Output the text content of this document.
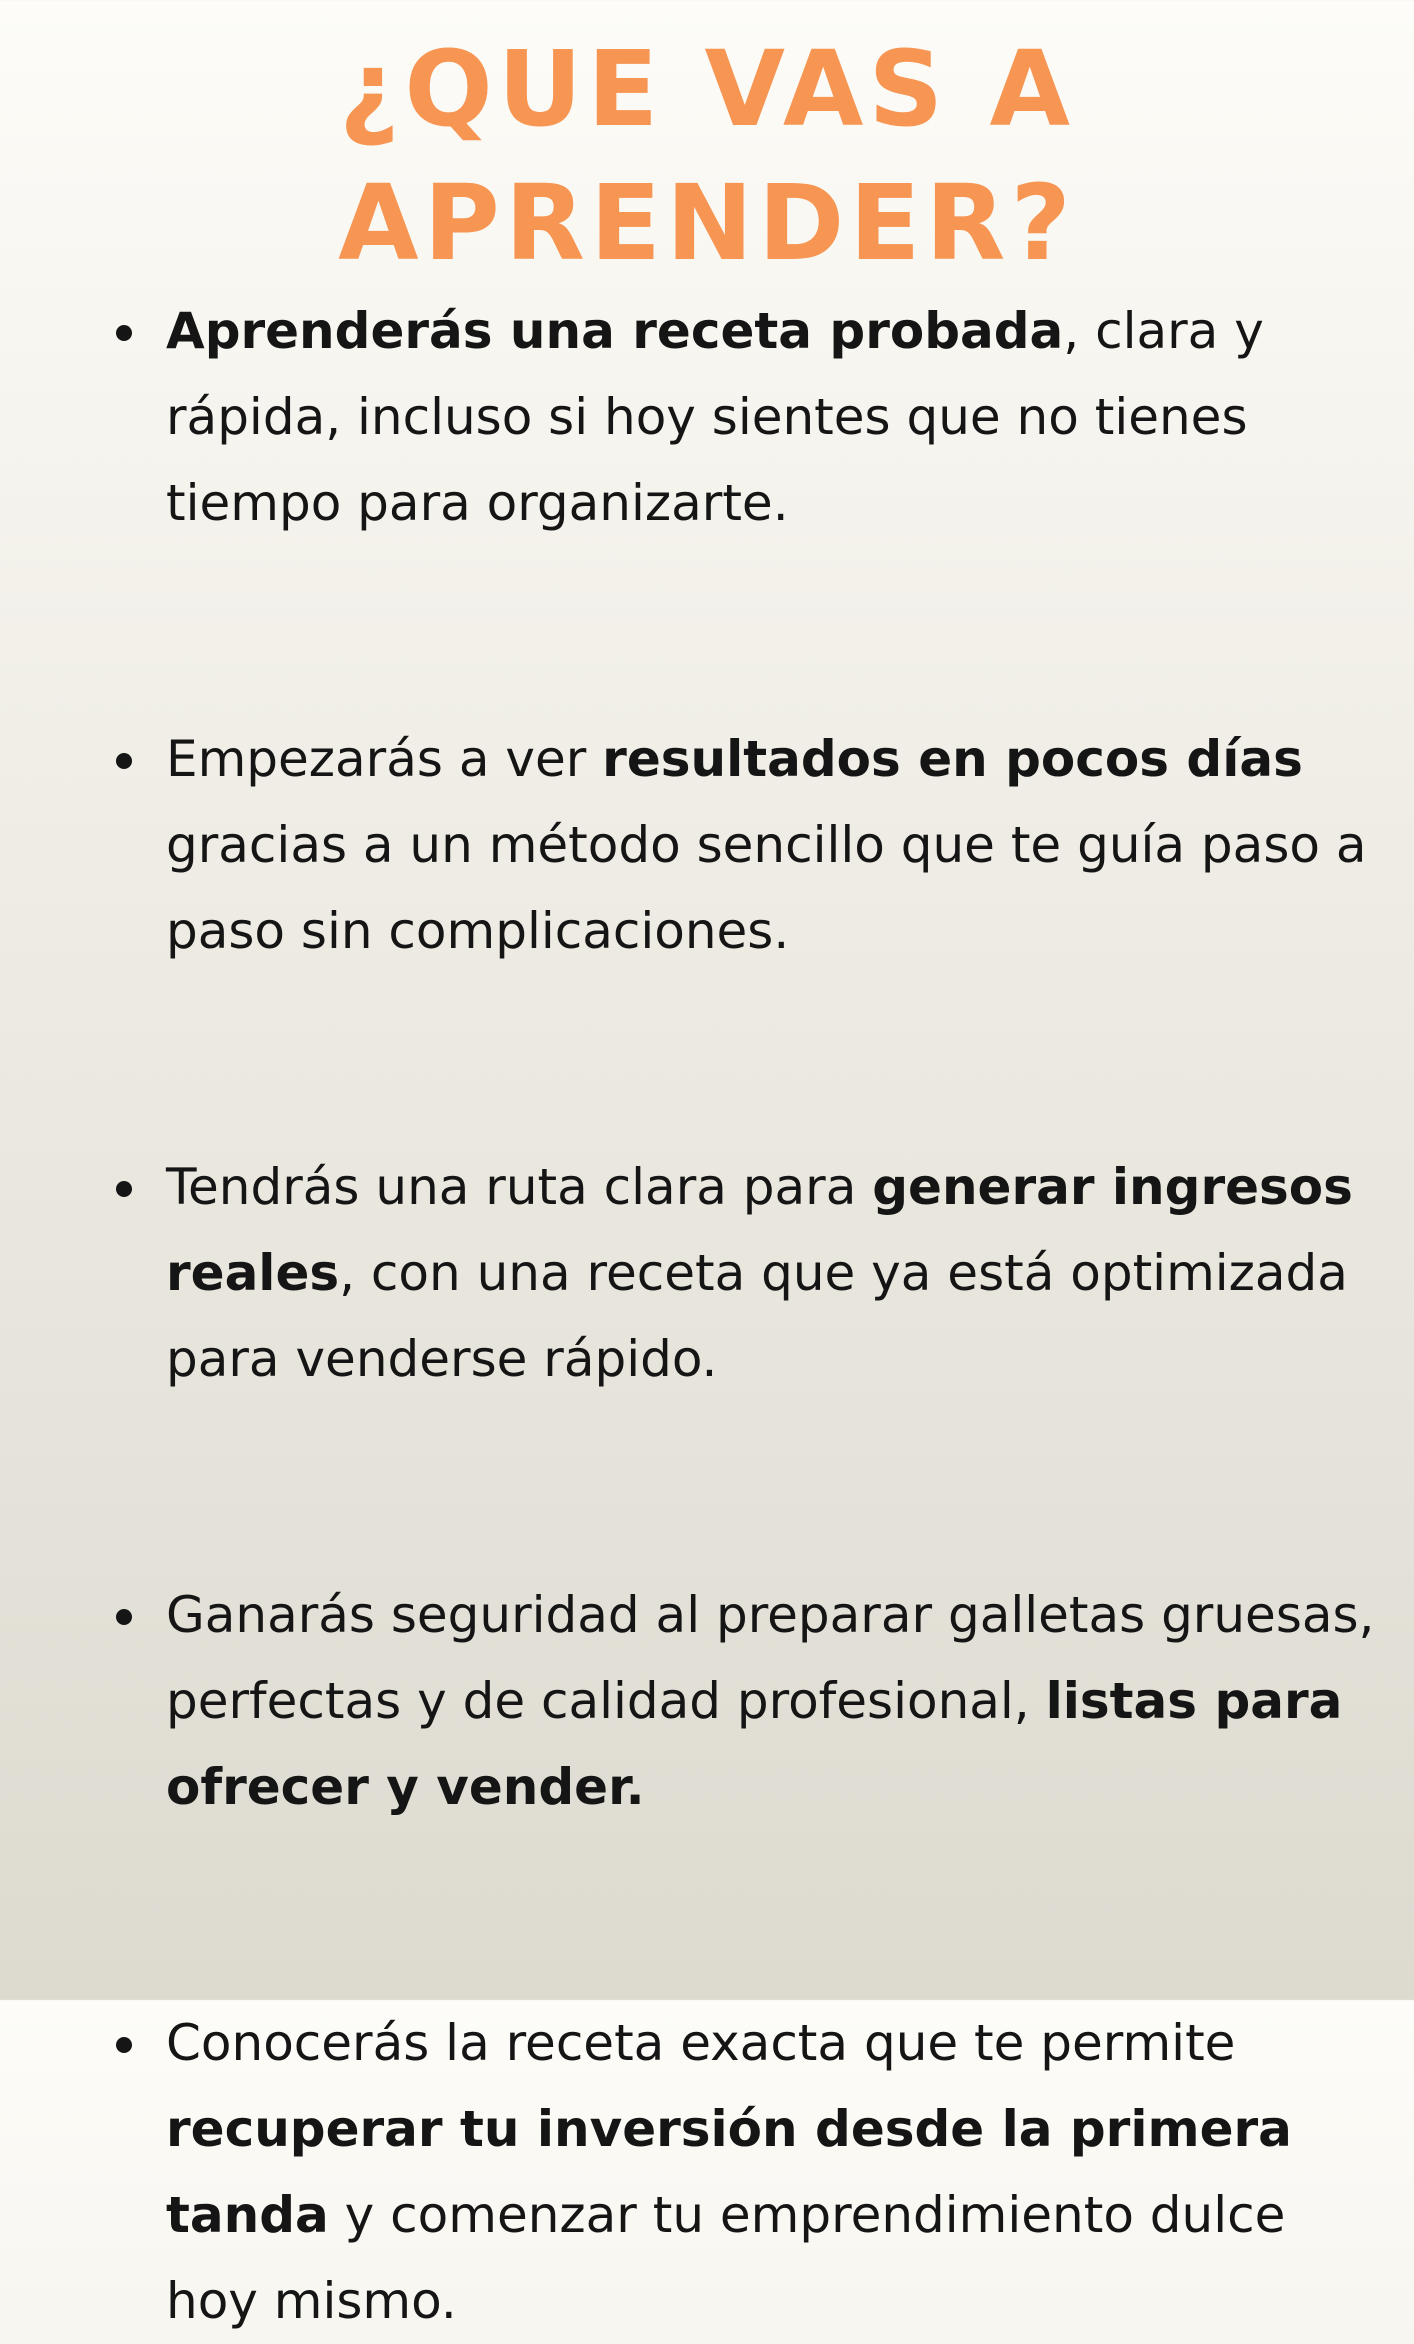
¿QUE VAS A
APRENDER?
Aprenderás una receta probada, clara y rápida, incluso si hoy sientes que no tienes tiempo para organizarte.
Empezarás a ver resultados en pocos días gracias a un método sencillo que te guía paso a paso sin complicaciones.
Tendrás una ruta clara para generar ingresos reales, con una receta que ya está optimizada para venderse rápido.
Ganarás seguridad al preparar galletas gruesas, perfectas y de calidad profesional, listas para ofrecer y vender.
Conocerás la receta exacta que te permite recuperar tu inversión desde la primera tanda y comenzar tu emprendimiento dulce hoy mismo.
